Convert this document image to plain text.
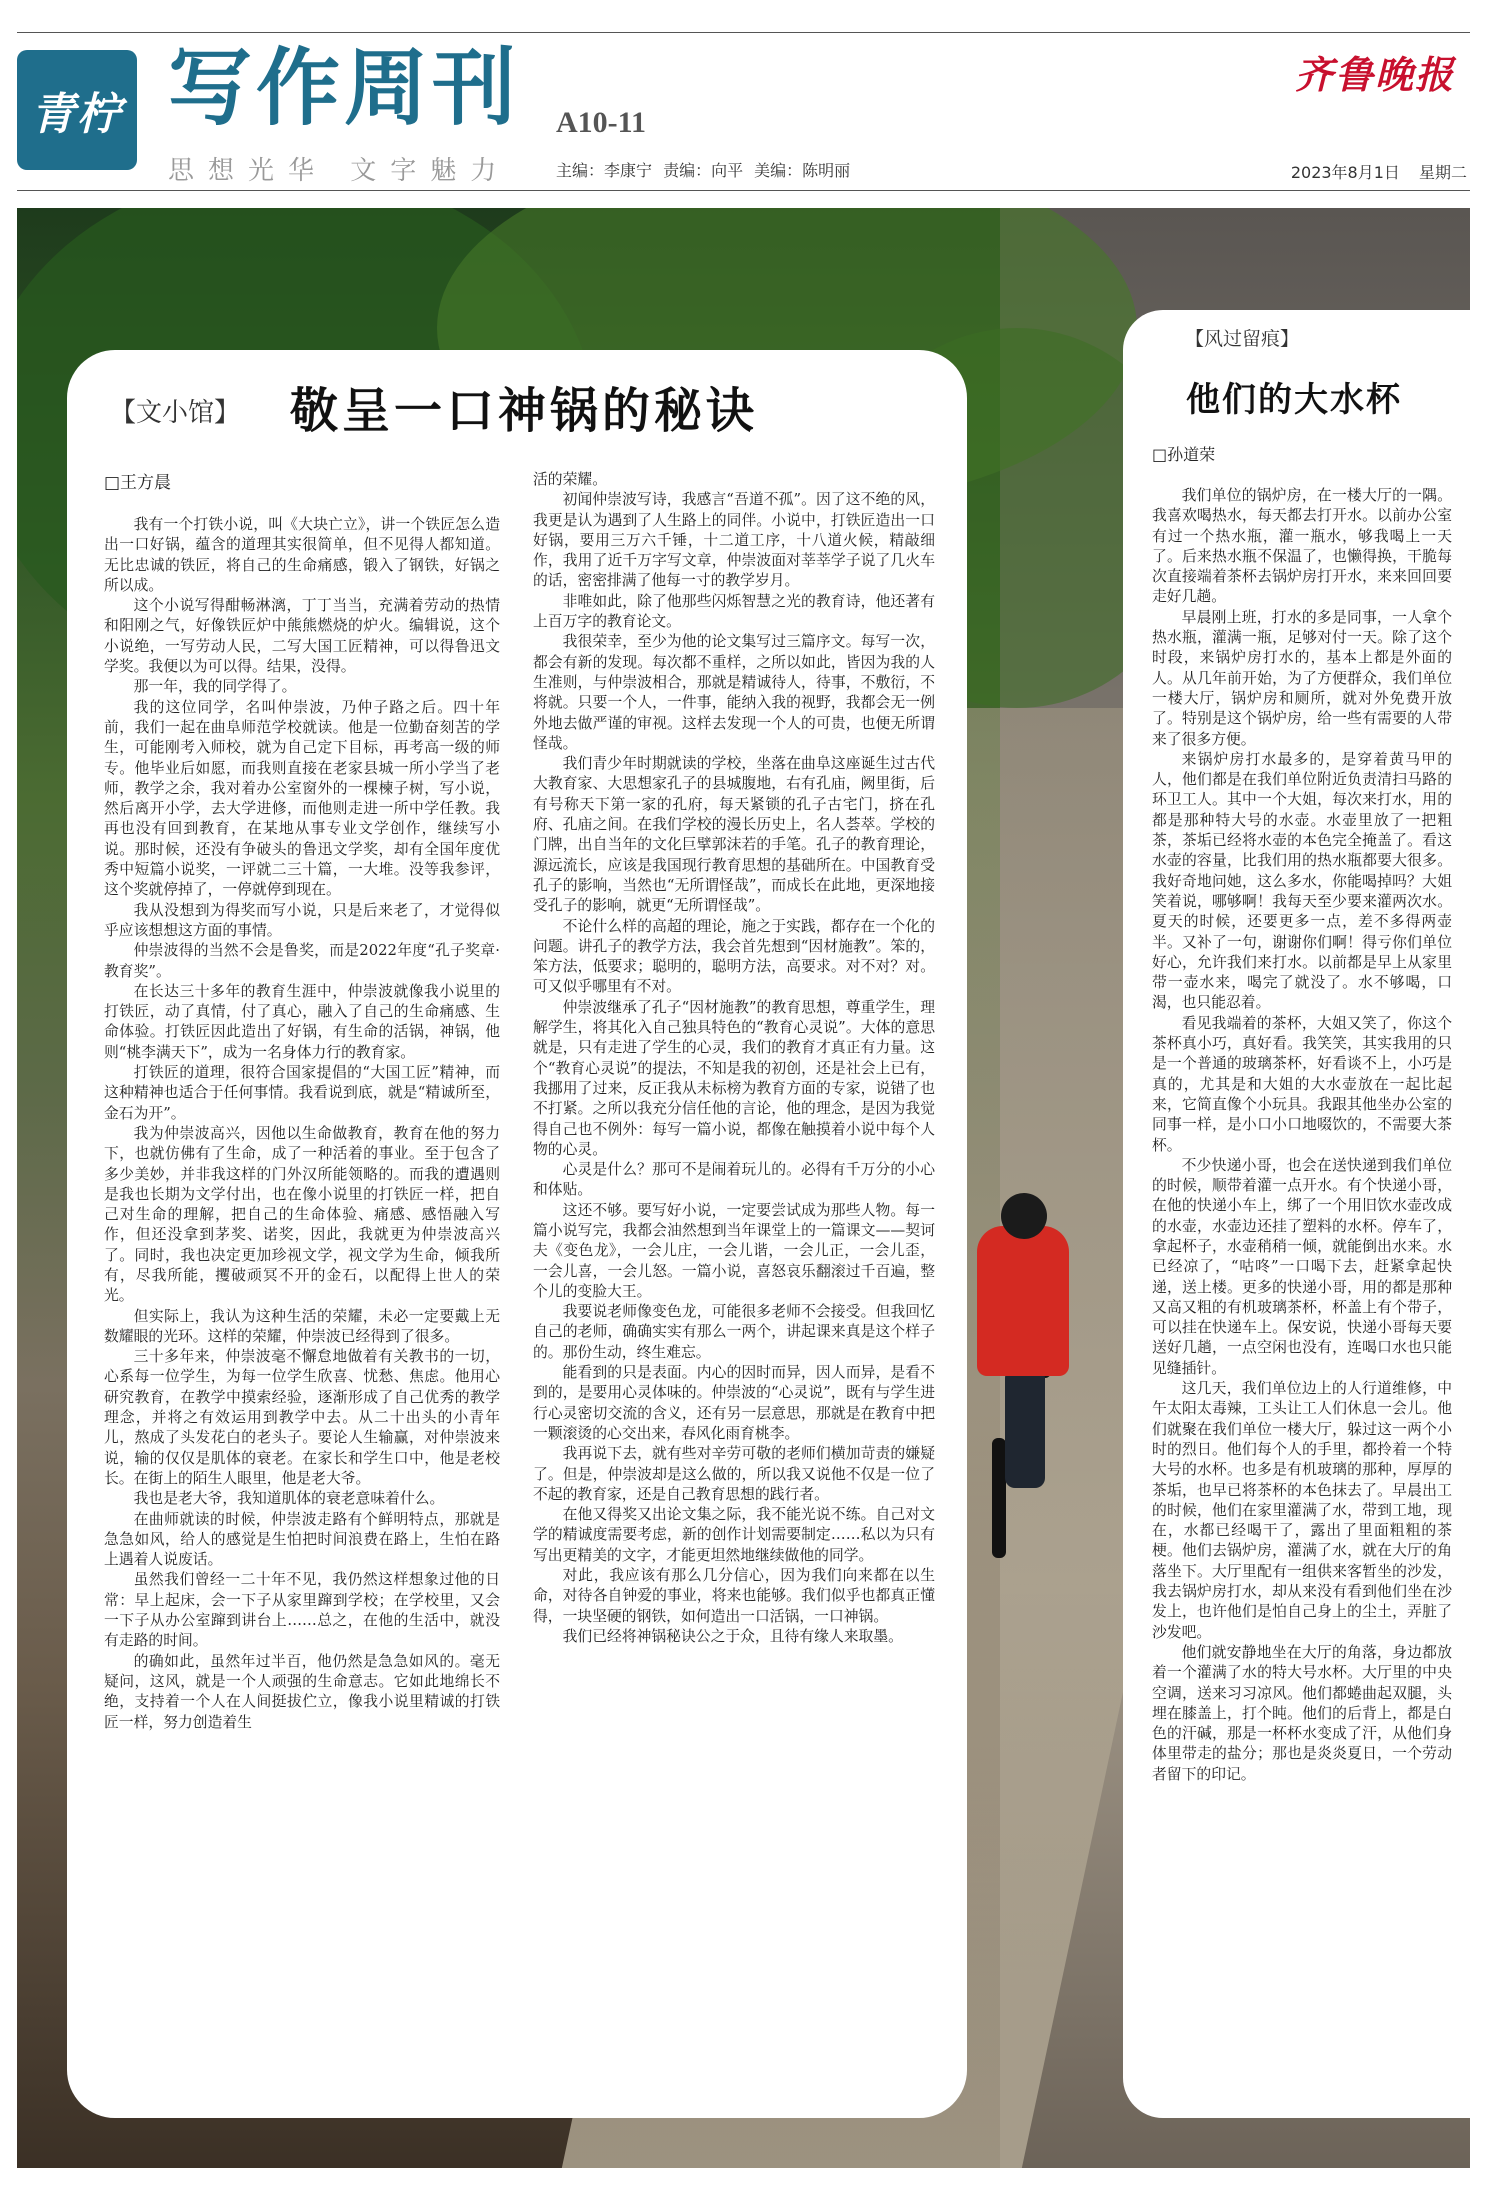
青柠 写作周刊
思想光华 文字魅力
A10-11
主编：李康宁 责编：向平 美编：陈明丽
齐鲁晚报
2023年8月1日 星期二
【文小馆】 敬呈一口神锅的秘诀
□王方晨

我有一个打铁小说，叫《大块亡立》，讲一个铁匠怎么造出一口好锅，蕴含的道理其实很简单，但不见得人都知道。无比忠诚的铁匠，将自己的生命痛感，锻入了钢铁，好锅之所以成。

这个小说写得酣畅淋漓，丁丁当当，充满着劳动的热情和阳刚之气，好像铁匠炉中熊熊燃烧的炉火。编辑说，这个小说绝，一写劳动人民，二写大国工匠精神，可以得鲁迅文学奖。我便以为可以得。结果，没得。

那一年，我的同学得了。

我的这位同学，名叫仲崇波，乃仲子路之后。四十年前，我们一起在曲阜师范学校就读。他是一位勤奋刻苦的学生，可能刚考入师校，就为自己定下目标，再考高一级的师专。他毕业后如愿，而我则直接在老家县城一所小学当了老师，教学之余，我对着办公室窗外的一棵楝子树，写小说，然后离开小学，去大学进修，而他则走进一所中学任教。我再也没有回到教育，在某地从事专业文学创作，继续写小说。那时候，还没有争破头的鲁迅文学奖，却有全国年度优秀中短篇小说奖，一评就二三十篇，一大堆。没等我参评，这个奖就停掉了，一停就停到现在。

我从没想到为得奖而写小说，只是后来老了，才觉得似乎应该想想这方面的事情。

仲崇波得的当然不会是鲁奖，而是2022年度“孔子奖章·教育奖”。

在长达三十多年的教育生涯中，仲崇波就像我小说里的打铁匠，动了真情，付了真心，融入了自己的生命痛感、生命体验。打铁匠因此造出了好锅，有生命的活锅，神锅，他则“桃李满天下”，成为一名身体力行的教育家。

打铁匠的道理，很符合国家提倡的“大国工匠”精神，而这种精神也适合于任何事情。我看说到底，就是“精诚所至，金石为开”。

我为仲崇波高兴，因他以生命做教育，教育在他的努力下，也就仿佛有了生命，成了一种活着的事业。至于包含了多少美妙，并非我这样的门外汉所能领略的。而我的遭遇则是我也长期为文学付出，也在像小说里的打铁匠一样，把自己对生命的理解，把自己的生命体验、痛感、感悟融入写作，但还没拿到茅奖、诺奖，因此，我就更为仲崇波高兴了。同时，我也决定更加珍视文学，视文学为生命，倾我所有，尽我所能，攫破顽冥不开的金石，以配得上世人的荣光。

但实际上，我认为这种生活的荣耀，未必一定要戴上无数耀眼的光环。这样的荣耀，仲崇波已经得到了很多。

三十多年来，仲崇波毫不懈怠地做着有关教书的一切，心系每一位学生，为每一位学生欣喜、忧愁、焦虑。他用心研究教育，在教学中摸索经验，逐渐形成了自己优秀的教学理念，并将之有效运用到教学中去。从二十出头的小青年儿，熬成了头发花白的老头子。要论人生输赢，对仲崇波来说，输的仅仅是肌体的衰老。在家长和学生口中，他是老校长。在街上的陌生人眼里，他是老大爷。

我也是老大爷，我知道肌体的衰老意味着什么。

在曲师就读的时候，仲崇波走路有个鲜明特点，那就是急急如风，给人的感觉是生怕把时间浪费在路上，生怕在路上遇着人说废话。

虽然我们曾经一二十年不见，我仍然这样想象过他的日常：早上起床，会一下子从家里蹿到学校；在学校里，又会一下子从办公室蹿到讲台上……总之，在他的生活中，就没有走路的时间。

的确如此，虽然年过半百，他仍然是急急如风的。毫无疑问，这风，就是一个人顽强的生命意志。它如此地绵长不绝，支持着一个人在人间挺拔伫立，像我小说里精诚的打铁匠一样，努力创造着生

活的荣耀。

初闻仲崇波写诗，我感言“吾道不孤”。因了这不绝的风，我更是认为遇到了人生路上的同伴。小说中，打铁匠造出一口好锅，要用三万六千锤，十二道工序，十八道火候，精敲细作，我用了近千万字写文章，仲崇波面对莘莘学子说了几火车的话，密密排满了他每一寸的教学岁月。

非唯如此，除了他那些闪烁智慧之光的教育诗，他还著有上百万字的教育论文。

我很荣幸，至少为他的论文集写过三篇序文。每写一次，都会有新的发现。每次都不重样，之所以如此，皆因为我的人生准则，与仲崇波相合，那就是精诚待人，待事，不敷衍，不将就。只要一个人，一件事，能纳入我的视野，我都会无一例外地去做严谨的审视。这样去发现一个人的可贵，也便无所谓怪哉。

我们青少年时期就读的学校，坐落在曲阜这座诞生过古代大教育家、大思想家孔子的县城腹地，右有孔庙，阙里街，后有号称天下第一家的孔府，每天紧锁的孔子古宅门，挤在孔府、孔庙之间。在我们学校的漫长历史上，名人荟萃。学校的门牌，出自当年的文化巨擘郭沫若的手笔。孔子的教育理论，源远流长，应该是我国现行教育思想的基础所在。中国教育受孔子的影响，当然也“无所谓怪哉”，而成长在此地，更深地接受孔子的影响，就更“无所谓怪哉”。

不论什么样的高超的理论，施之于实践，都存在一个化的问题。讲孔子的教学方法，我会首先想到“因材施教”。笨的，笨方法，低要求；聪明的，聪明方法，高要求。对不对？对。可又似乎哪里有不对。

仲崇波继承了孔子“因材施教”的教育思想，尊重学生，理解学生，将其化入自己独具特色的“教育心灵说”。大体的意思就是，只有走进了学生的心灵，我们的教育才真正有力量。这个“教育心灵说”的提法，不知是我的初创，还是社会上已有，我挪用了过来，反正我从未标榜为教育方面的专家，说错了也不打紧。之所以我充分信任他的言论，他的理念，是因为我觉得自己也不例外：每写一篇小说，都像在触摸着小说中每个人物的心灵。

心灵是什么？那可不是闹着玩儿的。必得有千万分的小心和体贴。

这还不够。要写好小说，一定要尝试成为那些人物。每一篇小说写完，我都会油然想到当年课堂上的一篇课文——契诃夫《变色龙》，一会儿庄，一会儿谐，一会儿正，一会儿歪，一会儿喜，一会儿怒。一篇小说，喜怒哀乐翻滚过千百遍，整个儿的变脸大王。

我要说老师像变色龙，可能很多老师不会接受。但我回忆自己的老师，确确实实有那么一两个，讲起课来真是这个样子的。那份生动，终生难忘。

能看到的只是表面。内心的因时而异，因人而异，是看不到的，是要用心灵体味的。仲崇波的“心灵说”，既有与学生进行心灵密切交流的含义，还有另一层意思，那就是在教育中把一颗滚烫的心交出来，春风化雨育桃李。

我再说下去，就有些对辛劳可敬的老师们横加苛责的嫌疑了。但是，仲崇波却是这么做的，所以我又说他不仅是一位了不起的教育家，还是自己教育思想的践行者。

在他又得奖又出论文集之际，我不能光说不练。自己对文学的精诚度需要考虑，新的创作计划需要制定……私以为只有写出更精美的文字，才能更坦然地继续做他的同学。

对此，我应该有那么几分信心，因为我们向来都在以生命，对待各自钟爱的事业，将来也能够。我们似乎也都真正懂得，一块坚硬的钢铁，如何造出一口活锅，一口神锅。

我们已经将神锅秘诀公之于众，且待有缘人来取墨。

【风过留痕】
他们的大水杯
□孙道荣

我们单位的锅炉房，在一楼大厅的一隅。我喜欢喝热水，每天都去打开水。以前办公室有过一个热水瓶，灌一瓶水，够我喝上一天了。后来热水瓶不保温了，也懒得换，干脆每次直接端着茶杯去锅炉房打开水，来来回回要走好几趟。

早晨刚上班，打水的多是同事，一人拿个热水瓶，灌满一瓶，足够对付一天。除了这个时段，来锅炉房打水的，基本上都是外面的人。从几年前开始，为了方便群众，我们单位一楼大厅，锅炉房和厕所，就对外免费开放了。特别是这个锅炉房，给一些有需要的人带来了很多方便。

来锅炉房打水最多的，是穿着黄马甲的人，他们都是在我们单位附近负责清扫马路的环卫工人。其中一个大姐，每次来打水，用的都是那种特大号的水壶。水壶里放了一把粗茶，茶垢已经将水壶的本色完全掩盖了。看这水壶的容量，比我们用的热水瓶都要大很多。我好奇地问她，这么多水，你能喝掉吗？大姐笑着说，哪够啊！我每天至少要来灌两次水。夏天的时候，还要更多一点，差不多得两壶半。又补了一句，谢谢你们啊！得亏你们单位好心，允许我们来打水。以前都是早上从家里带一壶水来，喝完了就没了。水不够喝，口渴，也只能忍着。

看见我端着的茶杯，大姐又笑了，你这个茶杯真小巧，真好看。我笑笑，其实我用的只是一个普通的玻璃茶杯，好看谈不上，小巧是真的，尤其是和大姐的大水壶放在一起比起来，它简直像个小玩具。我跟其他坐办公室的同事一样，是小口小口地啜饮的，不需要大茶杯。

不少快递小哥，也会在送快递到我们单位的时候，顺带着灌一点开水。有个快递小哥，在他的快递小车上，绑了一个用旧饮水壶改成的水壶，水壶边还挂了塑料的水杯。停车了，拿起杯子，水壶稍稍一倾，就能倒出水来。水已经凉了，“咕咚”一口喝下去，赶紧拿起快递，送上楼。更多的快递小哥，用的都是那种又高又粗的有机玻璃茶杯，杯盖上有个带子，可以挂在快递车上。保安说，快递小哥每天要送好几趟，一点空闲也没有，连喝口水也只能见缝插针。

这几天，我们单位边上的人行道维修，中午太阳太毒辣，工头让工人们休息一会儿。他们就聚在我们单位一楼大厅，躲过这一两个小时的烈日。他们每个人的手里，都拎着一个特大号的水杯。也多是有机玻璃的那种，厚厚的茶垢，也早已将茶杯的本色抹去了。早晨出工的时候，他们在家里灌满了水，带到工地，现在，水都已经喝干了，露出了里面粗粗的茶梗。他们去锅炉房，灌满了水，就在大厅的角落坐下。大厅里配有一组供来客暂坐的沙发，我去锅炉房打水，却从来没有看到他们坐在沙发上，也许他们是怕自己身上的尘土，弄脏了沙发吧。

他们就安静地坐在大厅的角落，身边都放着一个灌满了水的特大号水杯。大厅里的中央空调，送来习习凉风。他们都蜷曲起双腿，头埋在膝盖上，打个盹。他们的后背上，都是白色的汗碱，那是一杯杯水变成了汗，从他们身体里带走的盐分；那也是炎炎夏日，一个劳动者留下的印记。
